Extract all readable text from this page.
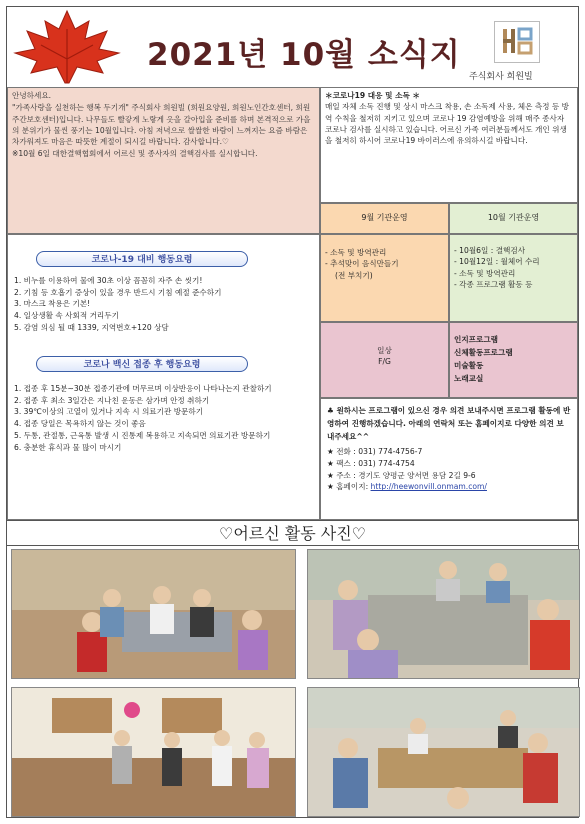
2021년 10월 소식지
주식회사 희원빌

안녕하세요.

"가족사랑을 실천하는 행복 두기개" 주식회사 희원빌 (희원요양원, 희원노인간호센터, 희원주간보호센터)입니다. 나무들도 빨갛게 노랗게 옷을 갈아입을 준비를 하며 본격적으로 가을의 분위기가 물씬 풍기는 10월입니다. 아침 저녁으로 쌀쌀한 바람이 느껴지는 요즘 바람은 차가워져도 마음은 따뜻한 계절이 되시길 바랍니다. 감사합니다.♡

※10월 6일 대한결핵협회에서 어르신 및 종사자의 결핵검사를 실시합니다.

＊코로나19 대응 및 소독 ＊

매일 자체 소독 진행 및 상시 마스크 착용, 손 소독제 사용, 체온 측정 등 방역 수칙을 철저히 지키고 있으며 코로나 19 감염예방을 위해 매주 종사자 코로나 검사를 실시하고 있습니다. 어르신 가족 여러분들께서도 개인 위생을 철저히 하시어 코로나19 바이러스에 유의하시길 바랍니다.

9월 기관운영	10월 기관운영
코로나-19 대비 행동요령
1. 비누를 이용하여 물에 30초 이상 꼼꼼히 자주 손 씻기!
2. 기침 등 호흡기 증상이 있을 경우 반드시 기침 예절 준수하기
3. 마스크 착용은 기본!
4. 일상생활 속 사회적 거리두기
5. 감염 의심 될 때 1339, 지역번호+120 상담
코로나 백신 접종 후 행동요령
1. 접종 후 15분~30분 접종기관에 머무르며 이상반응이 나타나는지 관찰하기
2. 접종 후 최소 3일간은 지나친 운동은 삼가며 안정 취하기
3. 39℃이상의 고열이 있거나 지속 시 의료기관 방문하기
4. 접종 당일은 목욕하지 않는 것이 좋음
5. 두통, 관절통, 근육통 발생 시 진통제 복용하고 지속되면 의료기관 방문하기
6. 충분한 휴식과 물 많이 마시기
- 소독 및 방역관리
- 추석맞이 음식만들기
(전 부치기)
- 10월6일 : 결핵검사
- 10월12일 : 월체어 수리
- 소독 및 방역관리
- 각종 프로그램 활동 등
일상
F/G
인지프로그램
신체활동프로그램
미술활동
노래교실

♣ 원하시는 프로그램이 있으신 경우 의견 보내주시면 프로그램 활동에 반영하여 진행하겠습니다. 아래의 연락처 또는 홈페이지로 다양한 의견 보내주세요^^

★ 전화 : 031) 774-4756-7

★ 팩스 : 031) 774-4754

★ 주소 : 경기도 양평군 양서면 용담 2길 9-6

★ 홈페이지: http://heewonvill.onmam.com/

♡어르신 활동 사진♡
